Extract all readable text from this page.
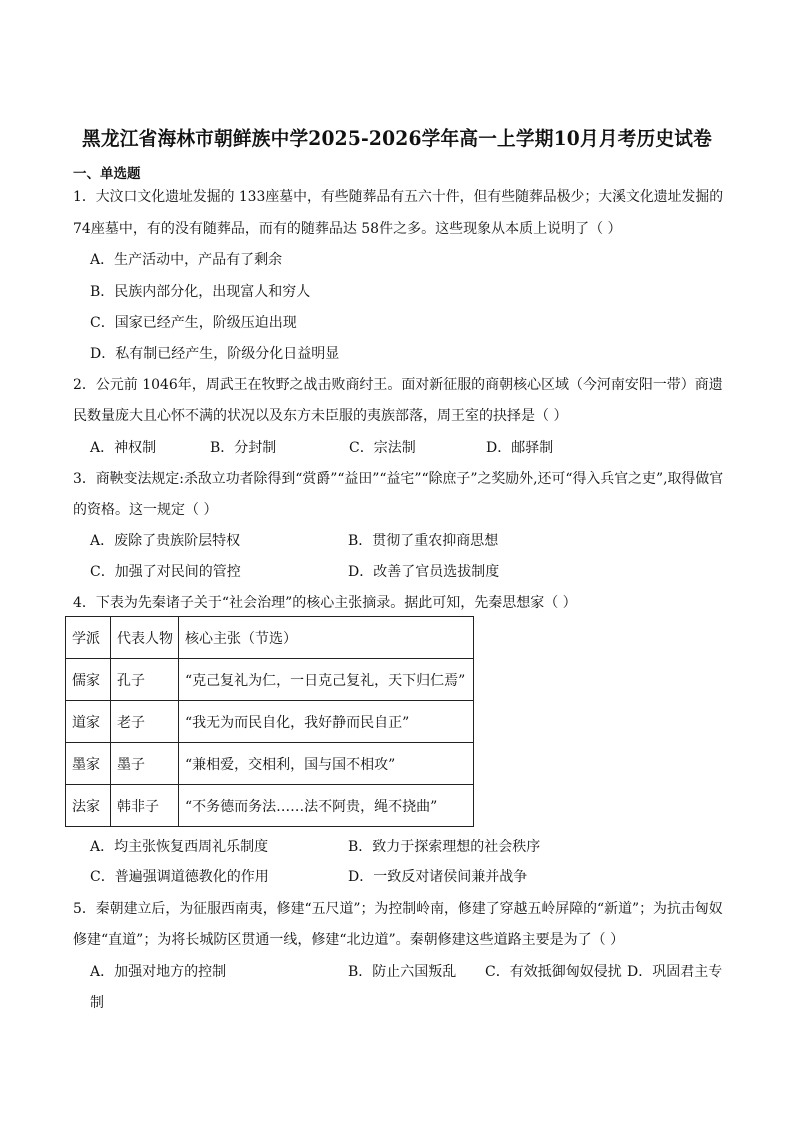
黑龙江省海林市朝鲜族中学2025-2026学年高一上学期10月月考历史试卷
一、单选题
1．大汶口文化遗址发掘的 133座墓中，有些随葬品有五六十件，但有些随葬品极少；大溪文化遗址发掘的
74座墓中，有的没有随葬品，而有的随葬品达 58件之多。这些现象从本质上说明了（ ）
A．生产活动中，产品有了剩余
B．民族内部分化，出现富人和穷人
C．国家已经产生，阶级压迫出现
D．私有制已经产生，阶级分化日益明显
2．公元前 1046年，周武王在牧野之战击败商纣王。面对新征服的商朝核心区域（今河南安阳一带）商遗
民数量庞大且心怀不满的状况以及东方未臣服的夷族部落，周王室的抉择是（ ）
A．神权制	B．分封制	C．宗法制	D．邮驿制
3．商鞅变法规定:杀敌立功者除得到“赏爵”“益田”“益宅”“除庶子”之奖励外,还可“得入兵官之吏”,取得做官
的资格。这一规定（ ）
A．废除了贵族阶层特权	B．贯彻了重农抑商思想
C．加强了对民间的管控	D．改善了官员选拔制度
4．下表为先秦诸子关于“社会治理”的核心主张摘录。据此可知，先秦思想家（ ）
学派	代表人物	核心主张（节选）
儒家	孔子	“克己复礼为仁，一日克己复礼，天下归仁焉”
道家	老子	“我无为而民自化，我好静而民自正”
墨家	墨子	“兼相爱，交相利，国与国不相攻”
法家	韩非子	“不务德而务法……法不阿贵，绳不挠曲”
A．均主张恢复西周礼乐制度	B．致力于探索理想的社会秩序
C．普遍强调道德教化的作用	D．一致反对诸侯间兼并战争
5．秦朝建立后，为征服西南夷，修建“五尺道”；为控制岭南，修建了穿越五岭屏障的“新道”；为抗击匈奴
修建“直道”；为将长城防区贯通一线，修建“北边道”。秦朝修建这些道路主要是为了（ ）
A．加强对地方的控制	B．防止六国叛乱 C．有效抵御匈奴侵扰 D．巩固君主专
制
